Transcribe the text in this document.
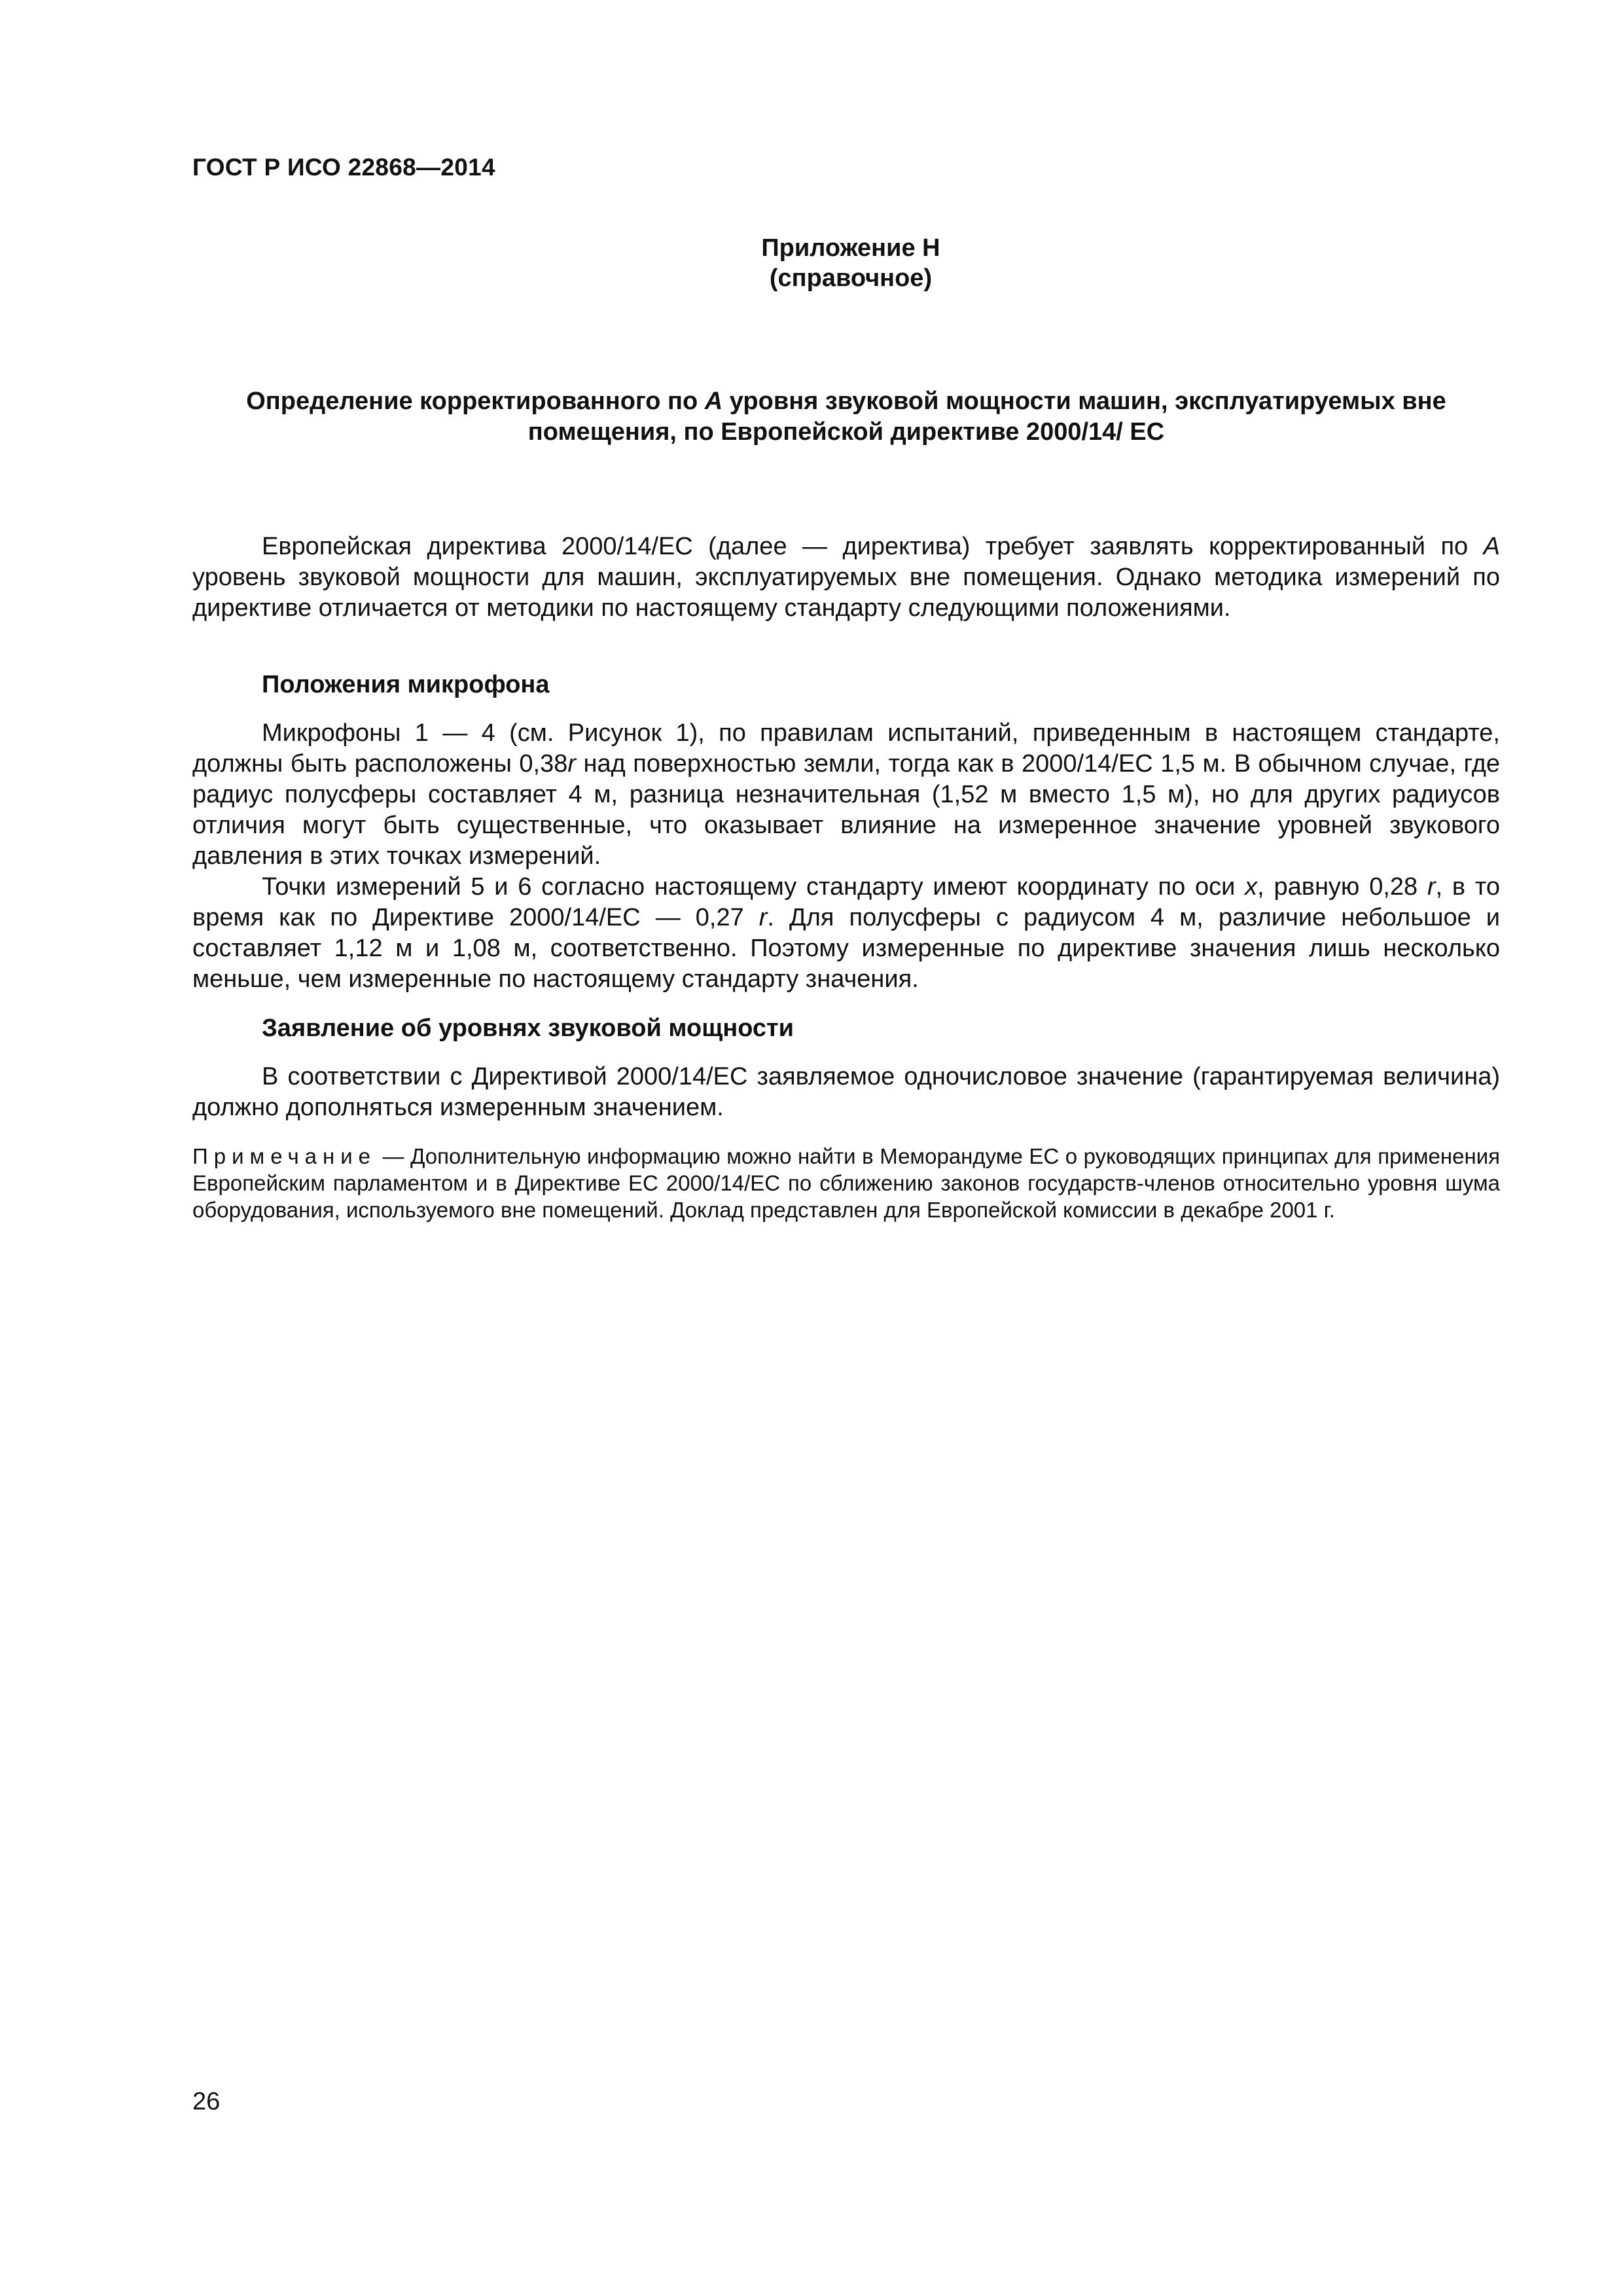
ГОСТ Р ИСО 22868—2014
Приложение Н
(справочное)
Определение корректированного по A уровня звуковой мощности машин, эксплуатируемых вне помещения, по Европейской директиве 2000/14/ ЕС

Европейская директива 2000/14/ЕС (далее — директива) требует заявлять корректированный по A уровень звуковой мощности для машин, эксплуатируемых вне помещения. Однако методика измерений по директиве отличается от методики по настоящему стандарту следующими положениями.

Положения микрофона

Микрофоны 1 — 4 (см. Рисунок 1), по правилам испытаний, приведенным в настоящем стандарте, должны быть расположены 0,38r над поверхностью земли, тогда как в 2000/14/ЕС 1,5 м. В обычном случае, где радиус полусферы составляет 4 м, разница незначительная (1,52 м вместо 1,5 м), но для других радиусов отличия могут быть существенные, что оказывает влияние на измеренное значение уровней звукового давления в этих точках измерений.

Точки измерений 5 и 6 согласно настоящему стандарту имеют координату по оси x, равную 0,28 r, в то время как по Директиве 2000/14/ЕС — 0,27 r. Для полусферы с радиусом 4 м, различие небольшое и составляет 1,12 м и 1,08 м, соответственно. Поэтому измеренные по директиве значения лишь несколько меньше, чем измеренные по настоящему стандарту значения.

Заявление об уровнях звуковой мощности

В соответствии с Директивой 2000/14/ЕС заявляемое одночисловое значение (гарантируемая величина) должно дополняться измеренным значением.

Примечание — Дополнительную информацию можно найти в Меморандуме ЕС о руководящих принципах для применения Европейским парламентом и в Директиве ЕС 2000/14/ЕС по сближению законов государств-членов относительно уровня шума оборудования, используемого вне помещений. Доклад представлен для Европейской комиссии в декабре 2001 г.

26
